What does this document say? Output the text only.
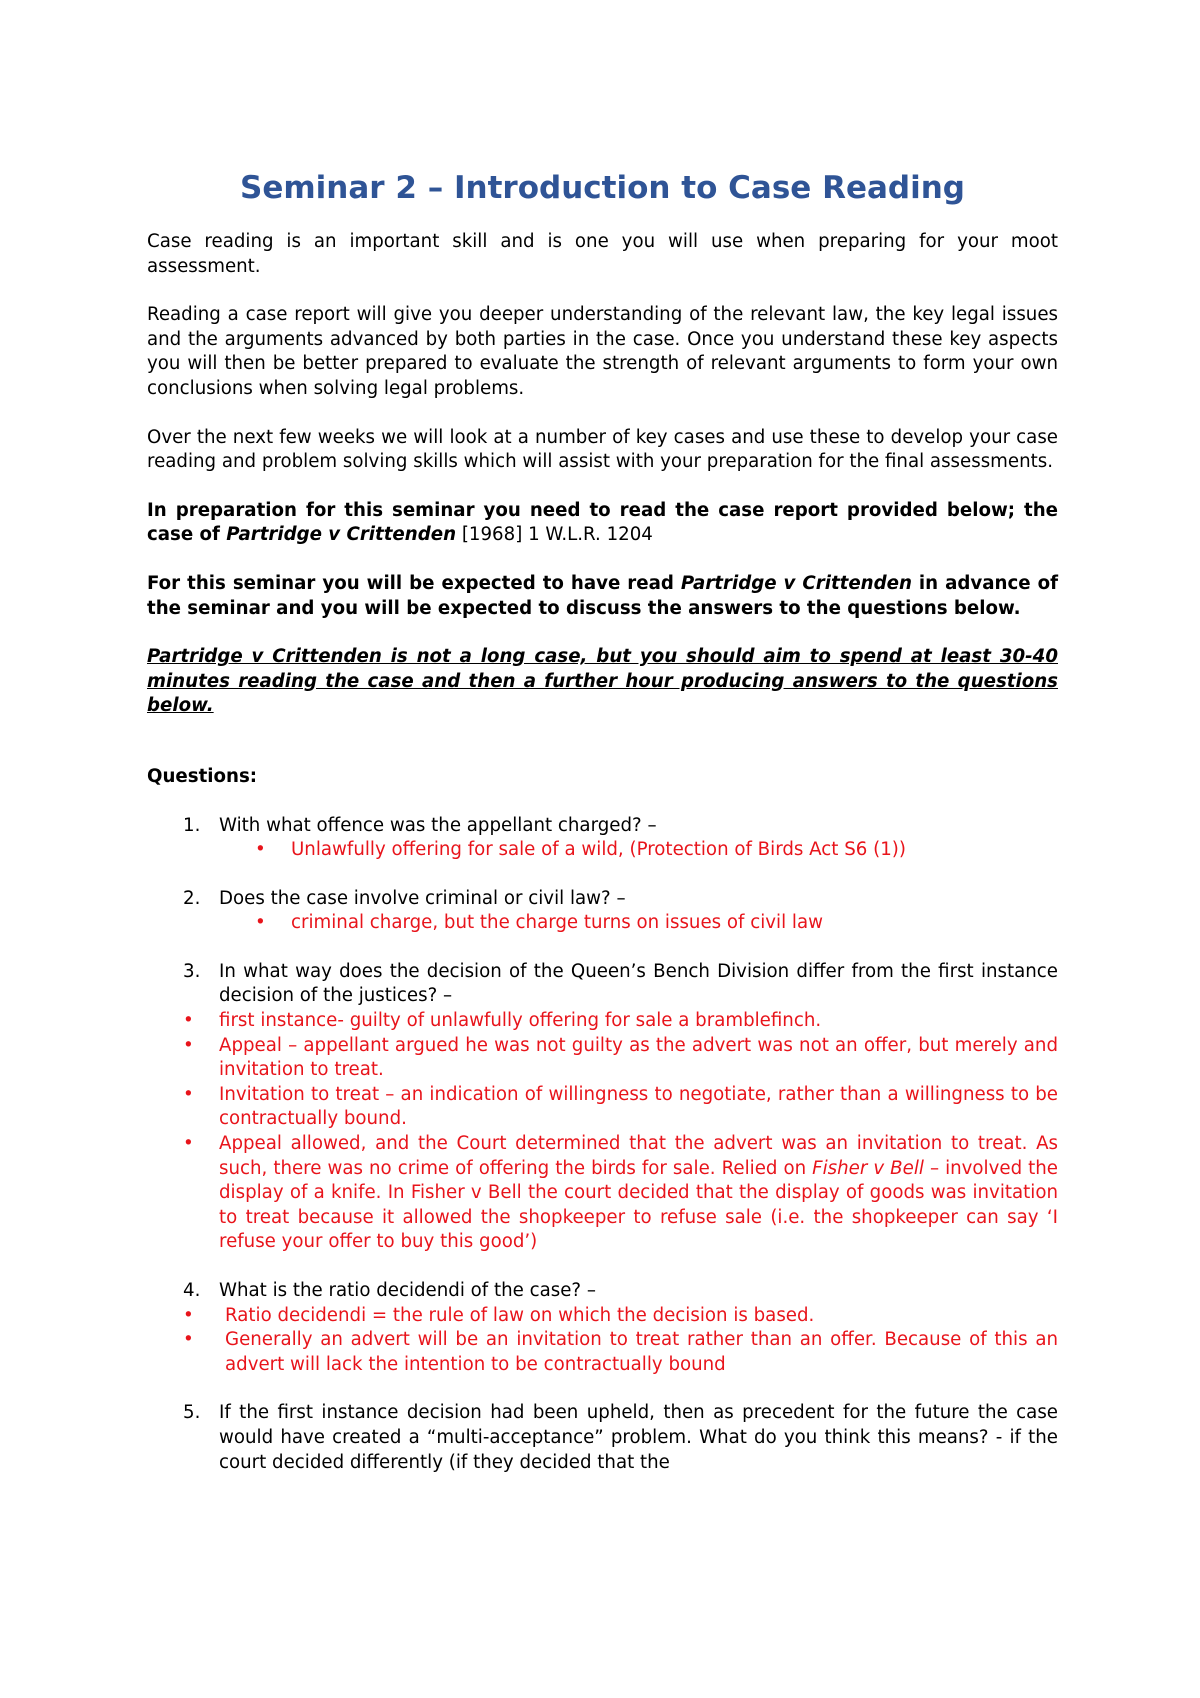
Seminar 2 – Introduction to Case Reading

Case reading is an important skill and is one you will use when preparing for your moot assessment.

Reading a case report will give you deeper understanding of the relevant law, the key legal issues and the arguments advanced by both parties in the case. Once you understand these key aspects you will then be better prepared to evaluate the strength of relevant arguments to form your own conclusions when solving legal problems.

Over the next few weeks we will look at a number of key cases and use these to develop your case reading and problem solving skills which will assist with your preparation for the final assessments.

In preparation for this seminar you need to read the case report provided below; the case of Partridge v Crittenden [1968] 1 W.L.R. 1204

For this seminar you will be expected to have read Partridge v Crittenden in advance of the seminar and you will be expected to discuss the answers to the questions below.

Partridge v Crittenden is not a long case, but you should aim to spend at least 30-40 minutes reading the case and then a further hour producing answers to the questions below.

Questions:

1. With what offence was the appellant charged? –
• Unlawfully offering for sale of a wild, (Protection of Birds Act S6 (1))
2. Does the case involve criminal or civil law? –
• criminal charge, but the charge turns on issues of civil law
3. In what way does the decision of the Queen’s Bench Division differ from the first instance decision of the justices? –
• first instance- guilty of unlawfully offering for sale a bramblefinch.
• Appeal – appellant argued he was not guilty as the advert was not an offer, but merely and invitation to treat.
• Invitation to treat – an indication of willingness to negotiate, rather than a willingness to be contractually bound.
• Appeal allowed, and the Court determined that the advert was an invitation to treat. As such, there was no crime of offering the birds for sale. Relied on Fisher v Bell – involved the display of a knife. In Fisher v Bell the court decided that the display of goods was invitation to treat because it allowed the shopkeeper to refuse sale (i.e. the shopkeeper can say ‘I refuse your offer to buy this good’)
4. What is the ratio decidendi of the case? –
• Ratio decidendi = the rule of law on which the decision is based.
• Generally an advert will be an invitation to treat rather than an offer. Because of this an advert will lack the intention to be contractually bound
5. If the first instance decision had been upheld, then as precedent for the future the case would have created a “multi-acceptance” problem. What do you think this means? - if the court decided differently (if they decided that the
